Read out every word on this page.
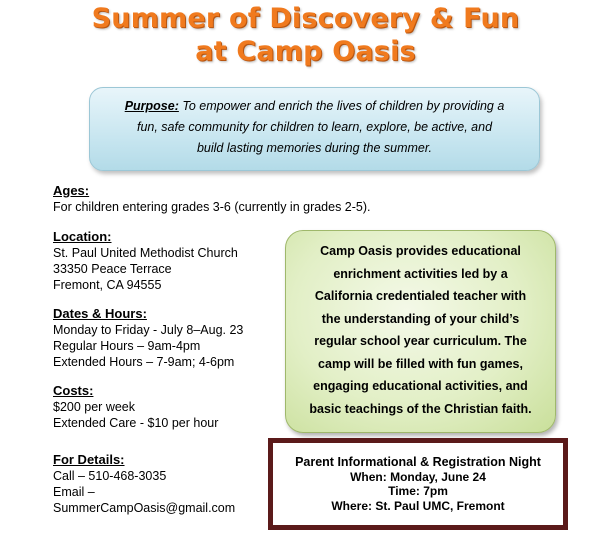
Summer of Discovery & Fun
at Camp Oasis
Purpose: To empower and enrich the lives of children by providing a
fun, safe community for children to learn, explore, be active, and
build lasting memories during the summer.
Ages:
For children entering grades 3-6 (currently in grades 2-5).
Location:
St. Paul United Methodist Church
33350 Peace Terrace
Fremont, CA 94555
Dates & Hours:
Monday to Friday - July 8–Aug. 23
Regular Hours – 9am-4pm
Extended Hours – 7-9am; 4-6pm
Costs:
$200 per week
Extended Care - $10 per hour
For Details:
Call – 510-468-3035
Email –
SummerCampOasis@gmail.com
Camp Oasis provides educational
enrichment activities led by a
California credentialed teacher with
the understanding of your child’s
regular school year curriculum. The
camp will be filled with fun games,
engaging educational activities, and
basic teachings of the Christian faith.
Parent Informational & Registration Night
When: Monday, June 24
Time: 7pm
Where: St. Paul UMC, Fremont
